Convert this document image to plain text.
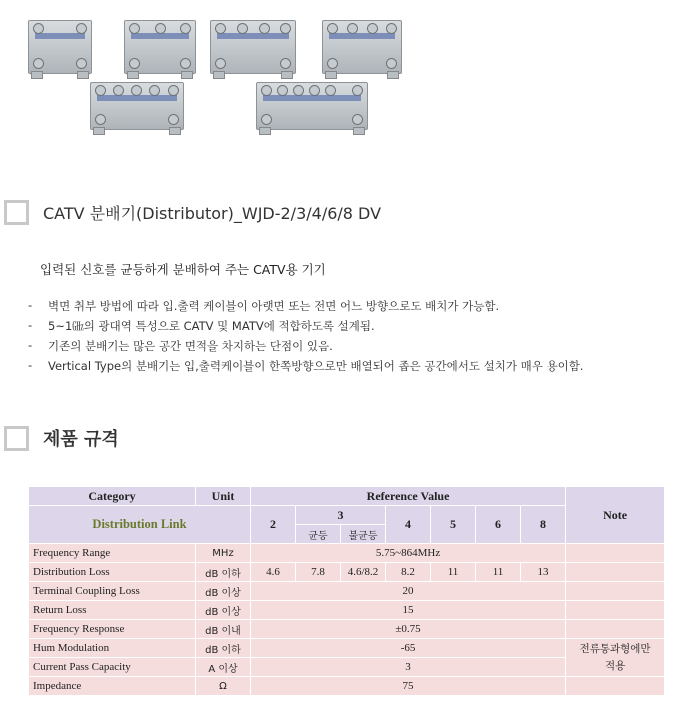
CATV 분배기(Distributor)_WJD-2/3/4/6/8 DV
입력된 신호를 균등하게 분배하여 주는 CATV용 기기
-	벽면 취부 방법에 따라 입.출력 케이블이 아랫면 또는 전면 어느 방향으로도 배치가 가능함.
-	5~1㎓의 광대역 특성으로 CATV 및 MATV에 적합하도록 설계됨.
-	기존의 분배기는 많은 공간 면적을 차지하는 단점이 있음.
-	Vertical Type의 분배기는 입,출력케이블이 한쪽방향으로만 배열되어 좁은 공간에서도 설치가 매우 용이함.
제품 규격
Category	Unit	Reference Value							Note
Distribution Link		2	3		4	5	6	8	
			균등	불균등					
Frequency Range	MHz	5.75~864MHz							
Distribution Loss	dB 이하	4.6	7.8	4.6/8.2	8.2	11	11	13	
Terminal Coupling Loss	dB 이상	20							
Return Loss	dB 이상	15							
Frequency Response	dB 이내	±0.75							
Hum Modulation	dB 이하	-65							전류통과형에만
적용
Current Pass Capacity	A 이상	3							
Impedance	Ω	75							
